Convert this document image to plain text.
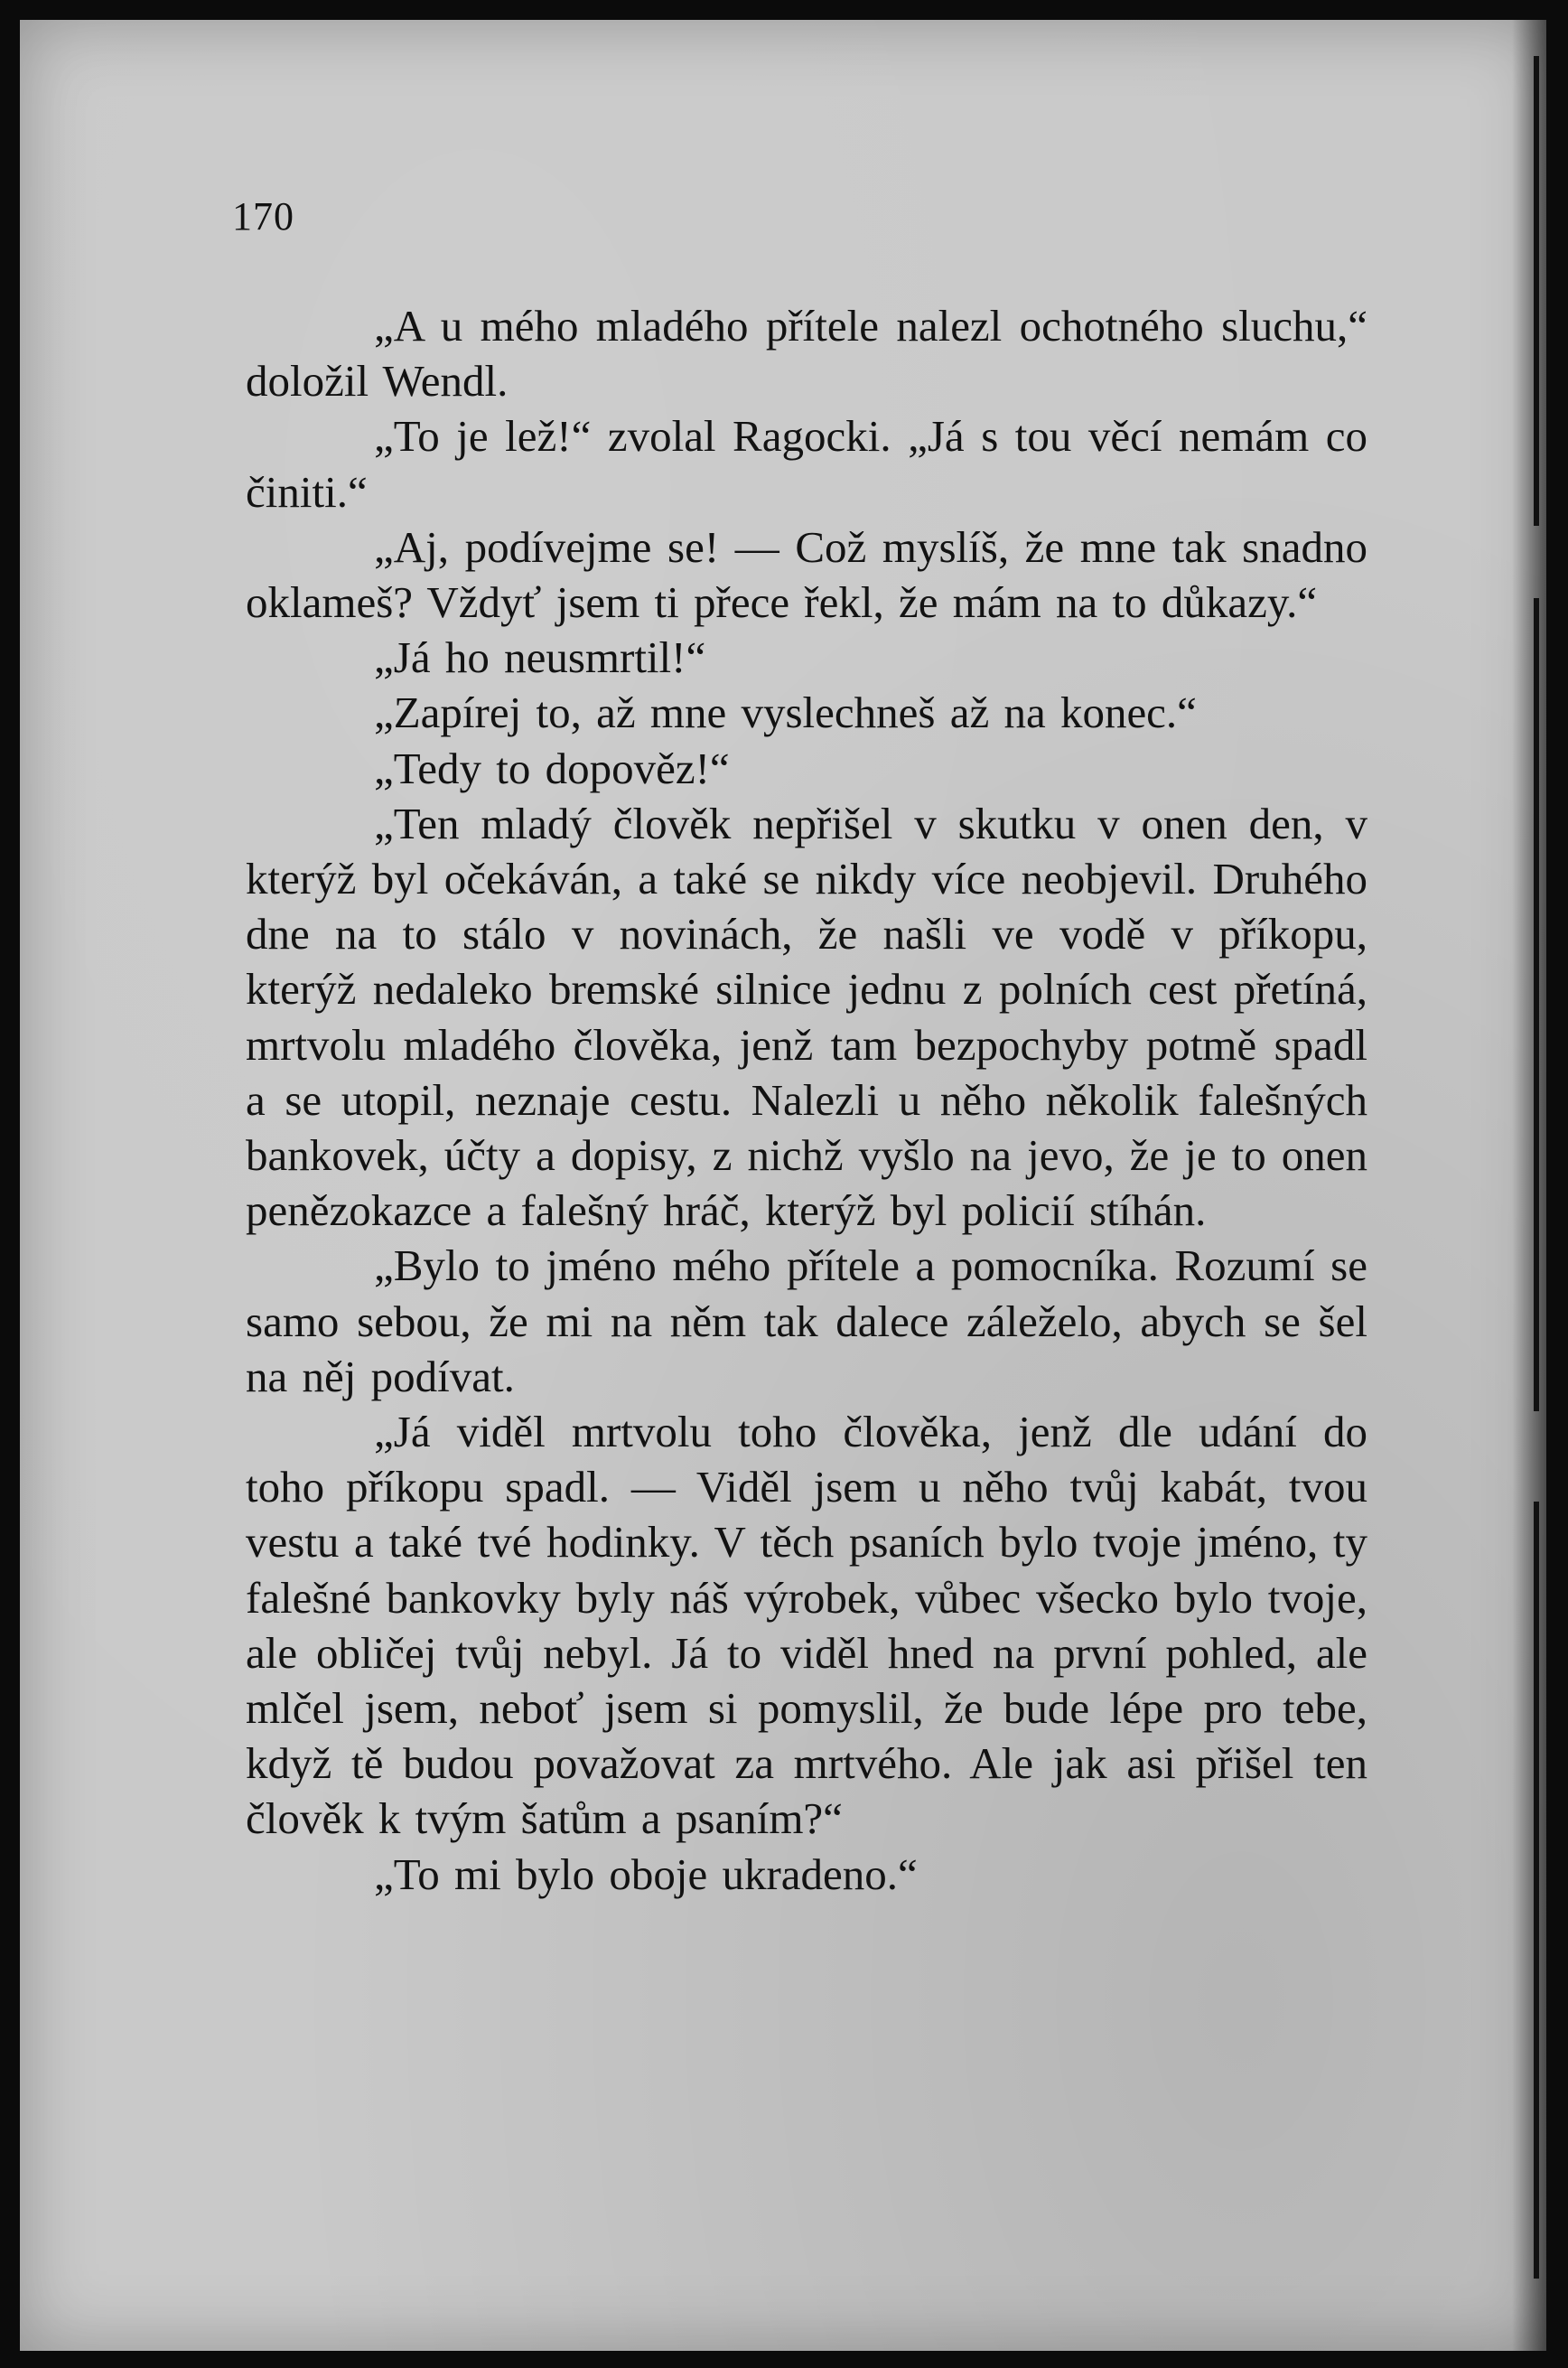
170

„A u mého mladého přítele nalezl ochotného sluchu,“ doložil Wendl.

„To je lež!“ zvolal Ragocki. „Já s tou věcí nemám co činiti.“

„Aj, podívejme se! — Což myslíš, že mne tak snadno oklameš? Vždyť jsem ti přece řekl, že mám na to důkazy.“

„Já ho neusmrtil!“

„Zapírej to, až mne vyslechneš až na konec.“

„Tedy to dopověz!“

„Ten mladý člověk nepřišel v skutku v onen den, v kterýž byl očekáván, a také se nikdy více neobjevil. Druhého dne na to stálo v novinách, že našli ve vodě v příkopu, kterýž nedaleko bremské silnice jednu z polních cest přetíná, mrtvolu mladého člověka, jenž tam bezpochyby potmě spadl a se utopil, neznaje cestu. Nalezli u něho několik falešných bankovek, účty a dopisy, z nichž vyšlo na jevo, že je to onen penězokazce a falešný hráč, kterýž byl policií stíhán.

„Bylo to jméno mého přítele a pomocníka. Rozumí se samo sebou, že mi na něm tak dalece záleželo, abych se šel na něj podívat.

„Já viděl mrtvolu toho člověka, jenž dle udání do toho příkopu spadl. — Viděl jsem u něho tvůj kabát, tvou vestu a také tvé hodinky. V těch psaních bylo tvoje jméno, ty falešné bankovky byly náš výrobek, vůbec všecko bylo tvoje, ale obličej tvůj nebyl. Já to viděl hned na první pohled, ale mlčel jsem, neboť jsem si pomyslil, že bude lépe pro tebe, když tě budou považovat za mrtvého. Ale jak asi přišel ten člověk k tvým šatům a psaním?“

„To mi bylo oboje ukradeno.“
